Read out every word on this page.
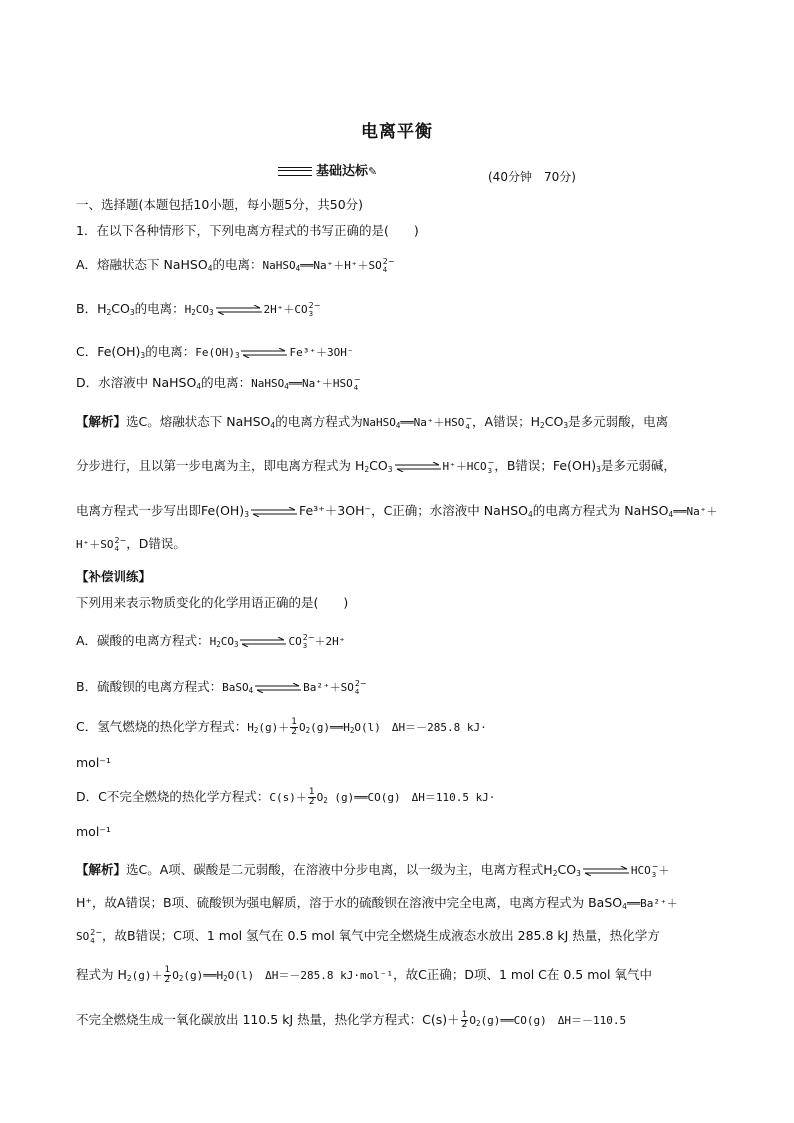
电离平衡
基础达标✎	(40分钟　70分)
一、选择题(本题包括10小题，每小题5分，共50分)
1．在以下各种情形下，下列电离方程式的书写正确的是(　　)
A．熔融状态下 NaHSO$_4$的电离：NaHSO$_4$══Na⁺＋H⁺＋SO 2−
4
B．$H_2CO_3$的电离：$H_2CO_3$ ⇌ 2H⁺＋CO 2−
3
C．$Fe(OH)_3$的电离：$Fe(OH)_3$ ⇌ Fe³⁺＋3OH⁻
D．水溶液中 NaHSO$_4$的电离：NaHSO$_4$══Na⁺＋HSO −
4
【解析】选C。熔融状态下 NaHSO$_4$的电离方程式为NaHSO$_4$══Na⁺＋HSO −
4 ，A错误；$H_2CO_3$是多元弱酸，电离
分步进行，且以第一步电离为主，即电离方程式为 $H_2CO_3$ ⇌ H⁺＋HCO −
3 ，B错误；$Fe(OH)_3$是多元弱碱，
电离方程式一步写出即$Fe(OH)_3$ ⇌ Fe³⁺＋3OH⁻，C正确；水溶液中 NaHSO$_4$的电离方程式为 NaHSO$_4$══Na⁺＋
H⁺＋SO 2−
4 ，D错误。
【补偿训练】
下列用来表示物质变化的化学用语正确的是(　　)
A．碳酸的电离方程式：$H_2CO_3$ ⇌ CO 2−
3 ＋2H⁺
B．硫酸钡的电离方程式：BaSO$_4$ ⇌ Ba²⁺＋SO 2−
4
C．氢气燃烧的热化学方程式：$H_2(g)+ \frac{1}{2}$ $O_2(g)══H_2O(l)$　ΔH＝－285.8 kJ·
mol⁻¹
D．C不完全燃烧的热化学方程式：$C(s)+ \frac{1}{2} O_2$ (g)══CO(g)　ΔH＝110.5 kJ·
mol⁻¹
【解析】选C。A项、碳酸是二元弱酸，在溶液中分步电离，以一级为主，电离方程式$H_2CO_3$ ⇌ HCO −
3 ＋
H⁺，故A错误；B项、硫酸钡为强电解质，溶于水的硫酸钡在溶液中完全电离，电离方程式为 BaSO$_4$══Ba²⁺＋
SO 2−
4 ，故B错误；C项、1 mol 氢气在 0.5 mol 氧气中完全燃烧生成液态水放出 285.8 kJ 热量，热化学方
程式为 $H_2(g)+ \frac{1}{2}$ $O_2(g)══H_2O(l)$　ΔH＝－285.8 kJ·mol⁻¹，故C正确；D项、1 mol C在 0.5 mol 氧气中
不完全燃烧生成一氧化碳放出 110.5 kJ 热量，热化学方程式：$C(s)+ \frac{1}{2}$ $O_2(g)══CO(g)$　ΔH＝－110.5
